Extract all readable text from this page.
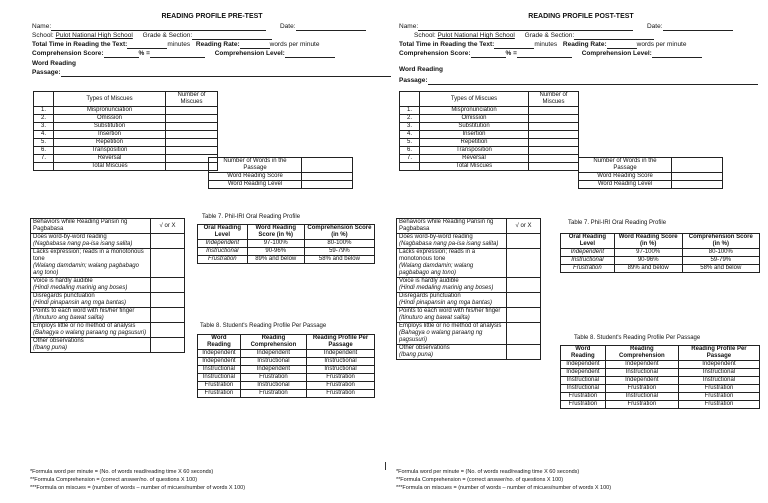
READING PROFILE PRE-TEST
Name:	Date:
School: Pulot National High School Grade & Section:
Total Time in Reading the Text:	minutes Reading Rate:	words per minute
Comprehension Score:	% =	Comprehension Level:
Word Reading
Passage:
	Types of Miscues	Number of Miscues
1.	Mispronunciation	
2.	Omission	
3.	Substitution	
4.	Insertion	
5.	Repetition	
6.	Transposition	
7.	Reversal	
	Total Miscues	
Number of Words in the Passage	
Word Reading Score	
Word Reading Level	
Behaviors while Reading Pansin ng Pagbabasa	√ or X
Does word-by-word reading
(Nagbabasa nang pa-isa isang salita)	
Lacks expression; reads in a monotonous tone
(Walang damdamin; walang pagbabago ang tono)	
Voice is hardly audible
(Hindi medaling marinig ang boses)	
Disregards punctuation
(Hindi pinapansin ang mga bantas)	
Points to each word with his/her finger
(Itinuturo ang bawat salita)	
Employs little or no method of analysis
(Bahagya o walang paraang ng pagsusuri)	
Other observations
(Ibang puna)	
Table 7. Phil-IRI Oral Reading Profile
Oral Reading Level	Word Reading Score (in %)	Comprehension Score (in %)
Independent	97-100%	80-100%
Instructional	90-96%	59-79%
Frustration	89% and below	58% and below
Table 8. Student's Reading Profile Per Passage
Word Reading	Reading Comprehension	Reading Profile Per Passage
Independent	Independent	Independent
Independent	Instructional	Instructional
Instructional	Independent	Instructional
Instructional	Frustration	Frustration
Frustration	Instructional	Frustration
Frustration	Frustration	Frustration
*Formula word per minute = (No. of words read/reading time X 60 seconds)
**Formula Comprehension = (correct answer/no. of questions X 100)
***Formula on miscues = (number of words – number of micues/number of words X 100)
READING PROFILE POST-TEST
Name:	Date:
School: Pulot National High School Grade & Section:
Total Time in Reading the Text:	minutes Reading Rate:	words per minute
Comprehension Score:	% =	Comprehension Level:
Word Reading
Passage:
	Types of Miscues	Number of Miscues
1.	Mispronunciation	
2.	Omission	
3.	Substitution	
4.	Insertion	
5.	Repetition	
6.	Transposition	
7.	Reversal	
	Total Miscues	
Number of Words in the Passage	
Word Reading Score	
Word Reading Level	
Behaviors while Reading Pansin ng Pagbabasa	√ or X
Does word-by-word reading
(Nagbabasa nang pa-isa isang salita)	
Lacks expression; reads in a monotonous tone
(Walang damdamin; walang pagbabago ang tono)	
Voice is hardly audible
(Hindi medaling marinig ang boses)	
Disregards punctuation
(Hindi pinapansin ang mga bantas)	
Points to each word with his/her finger
(Itinuturo ang bawat salita)	
Employs little or no method of analysis
(Bahagya o walang paraang ng pagsusuri)	
Other observations
(Ibang puna)	
Table 7. Phil-IRI Oral Reading Profile
Oral Reading Level	Word Reading Score (in %)	Comprehension Score (in %)
Independent	97-100%	80-100%
Instructional	90-96%	59-79%
Frustration	89% and below	58% and below
Table 8. Student's Reading Profile Per Passage
Word Reading	Reading Comprehension	Reading Profile Per Passage
Independent	Independent	Independent
Independent	Instructional	Instructional
Instructional	Independent	Instructional
Instructional	Frustration	Frustration
Frustration	Instructional	Frustration
Frustration	Frustration	Frustration
*Formula word per minute = (No. of words read/reading time X 60 seconds)
**Formula Comprehension = (correct answer/no. of questions X 100)
***Formula on miscues = (number of words – number of micues/number of words X 100)
